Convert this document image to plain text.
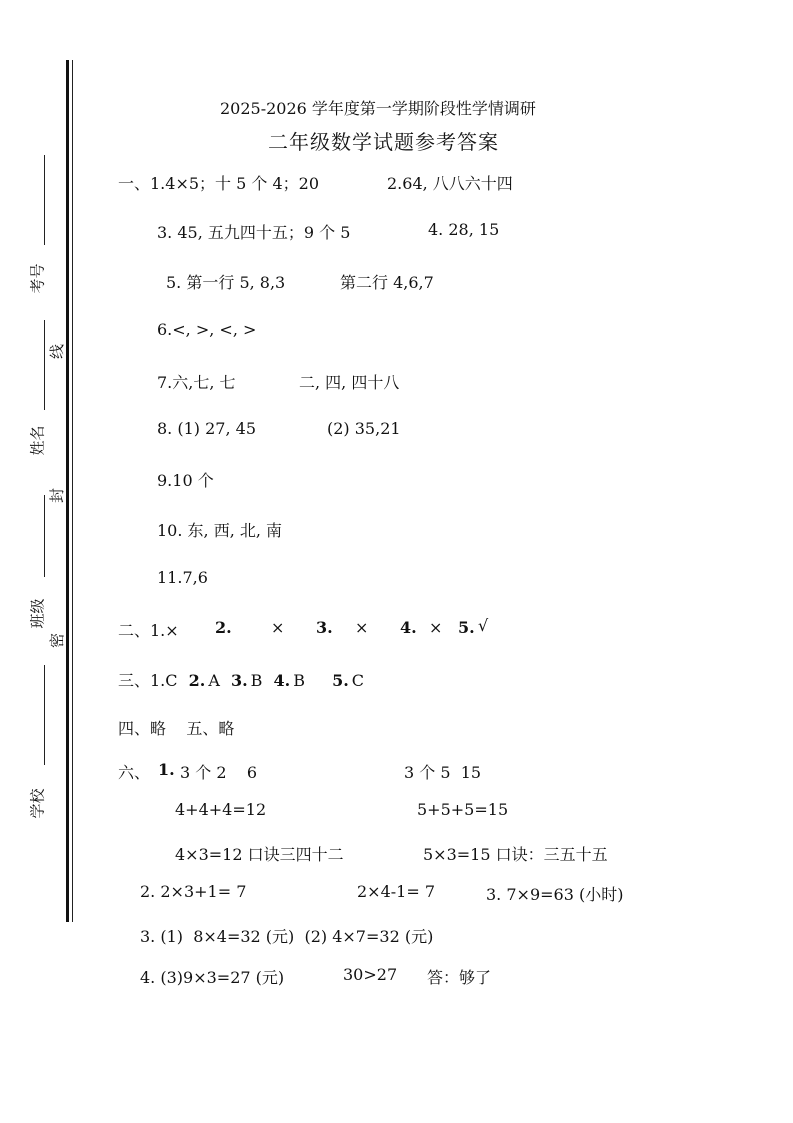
考号
姓名
班级
学校
线
封
密
2025-2026 学年度第一学期阶段性学情调研
二年级数学试题参考答案
一、1.4×5；十 5 个 4；20	2.64, 八八六十四
3. 45, 五九四十五；9 个 5	4. 28, 15
5. 第一行 5, 8,3	第二行 4,6,7
6.<, >, <, >
7.六,七, 七	二, 四, 四十八
8. (1) 27, 45	(2) 35,21
9.10 个
10. 东, 西, 北, 南
11.7,6
二、1.× 2. × 3. × 4. × 5. √
三、1.C 2. A 3. B 4. B 5. C
四、略    五、略
六、 1. 3 个 2    6	3 个 5  15
4+4+4=12	5+5+5=15
4×3=12 口诀三四十二	5×3=15 口诀：三五十五
2. 2×3+1= 7	2×4-1= 7	3. 7×9=63 (小时)
3. (1)  8×4=32 (元)  (2) 4×7=32 (元)
4. (3)9×3=27 (元)	30>27 答：够了
